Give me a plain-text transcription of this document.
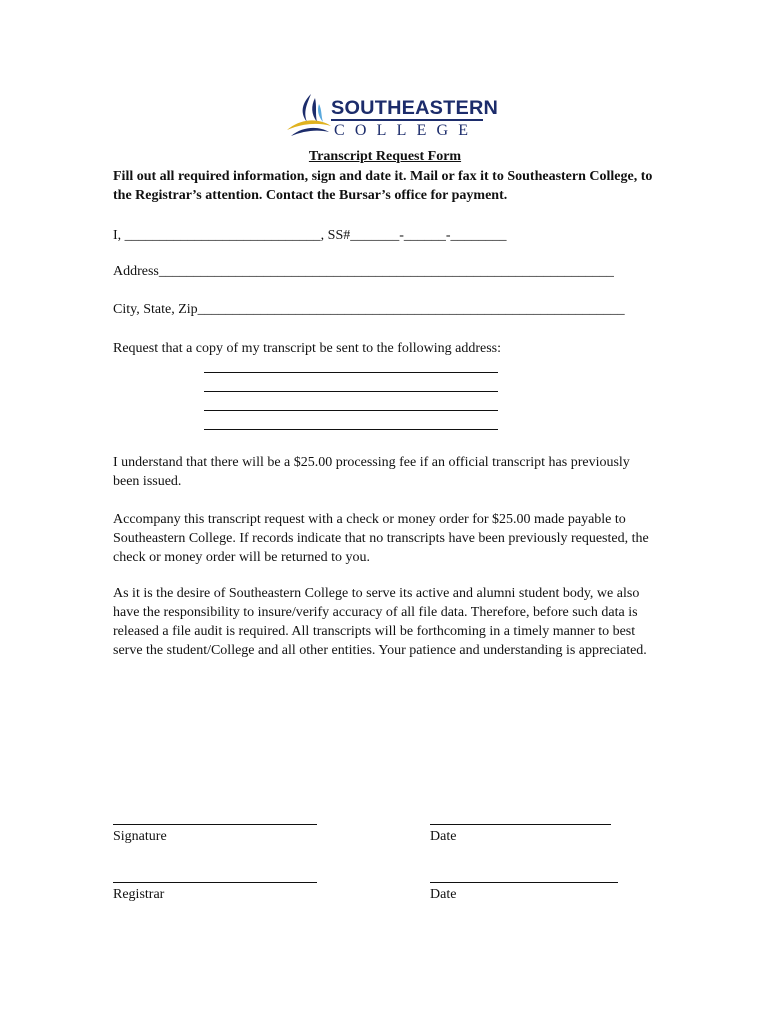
SOUTHEASTERN
COLLEGE
Transcript Request Form
Fill out all required information, sign and date it. Mail or fax it to Southeastern College, to the Registrar’s attention. Contact the Bursar’s office for payment.
I, ____________________________, SS#_______-______-________
Address_________________________________________________________________
City, State, Zip_____________________________________________________________
Request that a copy of my transcript be sent to the following address:
I understand that there will be a $25.00 processing fee if an official transcript has previously been issued.
Accompany this transcript request with a check or money order for $25.00 made payable to Southeastern College. If records indicate that no transcripts have been previously requested, the check or money order will be returned to you.
As it is the desire of Southeastern College to serve its active and alumni student body, we also have the responsibility to insure/verify accuracy of all file data. Therefore, before such data is released a file audit is required. All transcripts will be forthcoming in a timely manner to best serve the student/College and all other entities. Your patience and understanding is appreciated.
Signature	Date
Registrar	Date
